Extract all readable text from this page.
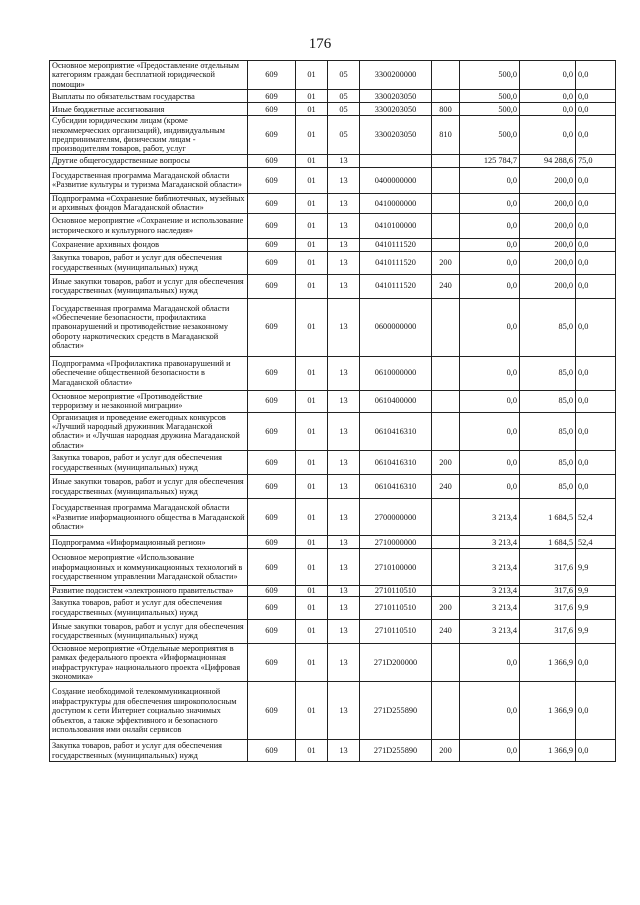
176
Основное мероприятие «Предоставление отдельным категориям граждан бесплатной юридической помощи»	609	01	05	3300200000		500,0	0,0	0,0
Выплаты по обязательствам государства	609	01	05	3300203050		500,0	0,0	0,0
Иные бюджетные ассигнования	609	01	05	3300203050	800	500,0	0,0	0,0
Субсидии юридическим лицам (кроме некоммерческих организаций), индивидуальным предпринимателям, физическим лицам - производителям товаров, работ, услуг	609	01	05	3300203050	810	500,0	0,0	0,0
Другие общегосударственные вопросы	609	01	13			125 784,7	94 288,6	75,0
Государственная программа Магаданской области «Развитие культуры и туризма Магаданской области»	609	01	13	0400000000		0,0	200,0	0,0
Подпрограмма «Сохранение библиотечных, музейных и архивных фондов Магаданской области»	609	01	13	0410000000		0,0	200,0	0,0
Основное мероприятие «Сохранение и использование исторического и культурного наследия»	609	01	13	0410100000		0,0	200,0	0,0
Сохранение архивных фондов	609	01	13	0410111520		0,0	200,0	0,0
Закупка товаров, работ и услуг для обеспечения государственных (муниципальных) нужд	609	01	13	0410111520	200	0,0	200,0	0,0
Иные закупки товаров, работ и услуг для обеспечения государственных (муниципальных) нужд	609	01	13	0410111520	240	0,0	200,0	0,0
Государственная программа Магаданской области «Обеспечение безопасности, профилактика правонарушений и противодействие незаконному обороту наркотических средств в Магаданской области»	609	01	13	0600000000		0,0	85,0	0,0
Подпрограмма «Профилактика правонарушений и обеспечение общественной безопасности в Магаданской области»	609	01	13	0610000000		0,0	85,0	0,0
Основное мероприятие «Противодействие терроризму и незаконной миграции»	609	01	13	0610400000		0,0	85,0	0,0
Организация и проведение ежегодных конкурсов «Лучший народный дружинник Магаданской области» и «Лучшая народная дружина Магаданской области»	609	01	13	0610416310		0,0	85,0	0,0
Закупка товаров, работ и услуг для обеспечения государственных (муниципальных) нужд	609	01	13	0610416310	200	0,0	85,0	0,0
Иные закупки товаров, работ и услуг для обеспечения государственных (муниципальных) нужд	609	01	13	0610416310	240	0,0	85,0	0,0
Государственная программа Магаданской области «Развитие информационного общества в Магаданской области»	609	01	13	2700000000		3 213,4	1 684,5	52,4
Подпрограмма «Информационный регион»	609	01	13	2710000000		3 213,4	1 684,5	52,4
Основное мероприятие «Использование информационных и коммуникационных технологий в государственном управлении Магаданской области»	609	01	13	2710100000		3 213,4	317,6	9,9
Развитие подсистем «электронного правительства»	609	01	13	2710110510		3 213,4	317,6	9,9
Закупка товаров, работ и услуг для обеспечения государственных (муниципальных) нужд	609	01	13	2710110510	200	3 213,4	317,6	9,9
Иные закупки товаров, работ и услуг для обеспечения государственных (муниципальных) нужд	609	01	13	2710110510	240	3 213,4	317,6	9,9
Основное мероприятие «Отдельные мероприятия в рамках федерального проекта «Информационная инфраструктура» национального проекта «Цифровая экономика»	609	01	13	271D200000		0,0	1 366,9	0,0
Создание необходимой телекоммуникационной инфраструктуры для обеспечения широкополосным доступом к сети Интернет социально значимых объектов, а также эффективного и безопасного использования ими онлайн сервисов	609	01	13	271D255890		0,0	1 366,9	0,0
Закупка товаров, работ и услуг для обеспечения государственных (муниципальных) нужд	609	01	13	271D255890	200	0,0	1 366,9	0,0
